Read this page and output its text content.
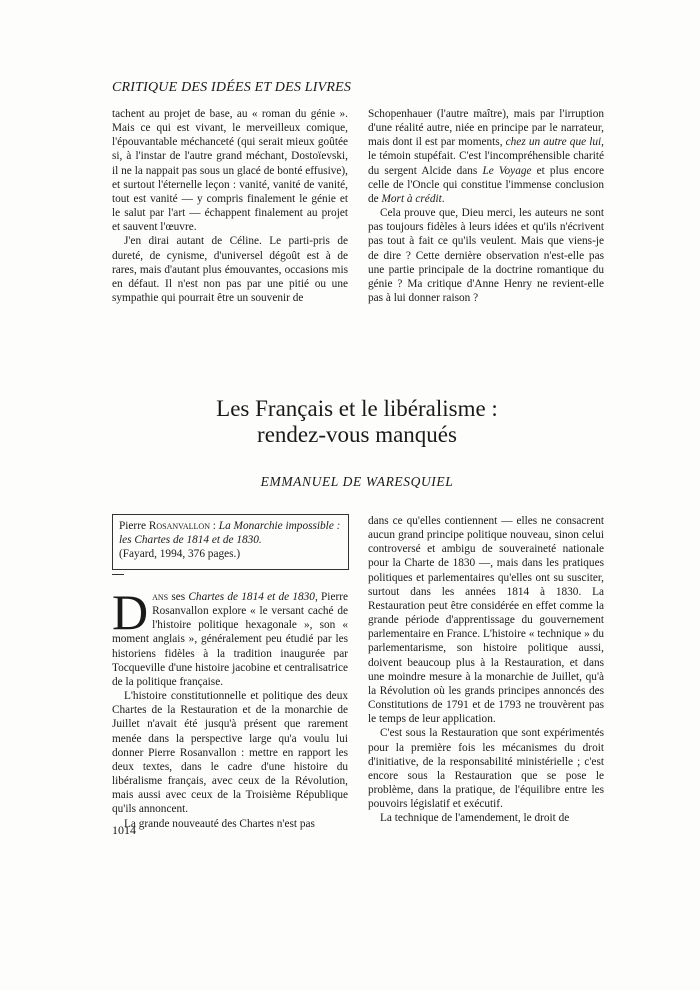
CRITIQUE DES IDÉES ET DES LIVRES

tachent au projet de base, au « roman du génie ». Mais ce qui est vivant, le merveilleux comique, l'épouvantable méchanceté (qui serait mieux goûtée si, à l'instar de l'autre grand méchant, Dostoïevski, il ne la nappait pas sous un glacé de bonté effusive), et surtout l'éternelle leçon : vanité, vanité de vanité, tout est vanité — y compris finalement le génie et le salut par l'art — échappent finalement au projet et sauvent l'œuvre.

J'en dirai autant de Céline. Le parti-pris de dureté, de cynisme, d'universel dégoût est à de rares, mais d'autant plus émouvantes, occasions mis en défaut. Il n'est non pas par une pitié ou une sympathie qui pourrait être un souvenir de

Schopenhauer (l'autre maître), mais par l'irruption d'une réalité autre, niée en principe par le narrateur, mais dont il est par moments, chez un autre que lui, le témoin stupéfait. C'est l'incompréhensible charité du sergent Alcide dans Le Voyage et plus encore celle de l'Oncle qui constitue l'immense conclusion de Mort à crédit.

Cela prouve que, Dieu merci, les auteurs ne sont pas toujours fidèles à leurs idées et qu'ils n'écrivent pas tout à fait ce qu'ils veulent. Mais que viens-je de dire ? Cette dernière observation n'est-elle pas une partie principale de la doctrine romantique du génie ? Ma critique d'Anne Henry ne revient-elle pas à lui donner raison ?

Les Français et le libéralisme :
rendez-vous manqués
EMMANUEL DE WARESQUIEL
Pierre Rosanvallon : La Monarchie impossible : les Chartes de 1814 et de 1830.
(Fayard, 1994, 376 pages.)

Dans ses Chartes de 1814 et de 1830, Pierre Rosanvallon explore « le versant caché de l'histoire politique hexagonale », son « moment anglais », généralement peu étudié par les historiens fidèles à la tradition inaugurée par Tocqueville d'une histoire jacobine et centralisatrice de la politique française.

L'histoire constitutionnelle et politique des deux Chartes de la Restauration et de la monarchie de Juillet n'avait été jusqu'à présent que rarement menée dans la perspective large qu'a voulu lui donner Pierre Rosanvallon : mettre en rapport les deux textes, dans le cadre d'une histoire du libéralisme français, avec ceux de la Révolution, mais aussi avec ceux de la Troisième République qu'ils annoncent.

La grande nouveauté des Chartes n'est pas

dans ce qu'elles contiennent — elles ne consacrent aucun grand principe politique nouveau, sinon celui controversé et ambigu de souveraineté nationale pour la Charte de 1830 —, mais dans les pratiques politiques et parlementaires qu'elles ont su susciter, surtout dans les années 1814 à 1830. La Restauration peut être considérée en effet comme la grande période d'apprentissage du gouvernement parlementaire en France. L'histoire « technique » du parlementarisme, son histoire politique aussi, doivent beaucoup plus à la Restauration, et dans une moindre mesure à la monarchie de Juillet, qu'à la Révolution où les grands principes annoncés des Constitutions de 1791 et de 1793 ne trouvèrent pas le temps de leur application.

C'est sous la Restauration que sont expérimentés pour la première fois les mécanismes du droit d'initiative, de la responsabilité ministérielle ; c'est encore sous la Restauration que se pose le problème, dans la pratique, de l'équilibre entre les pouvoirs législatif et exécutif.

La technique de l'amendement, le droit de

1014
